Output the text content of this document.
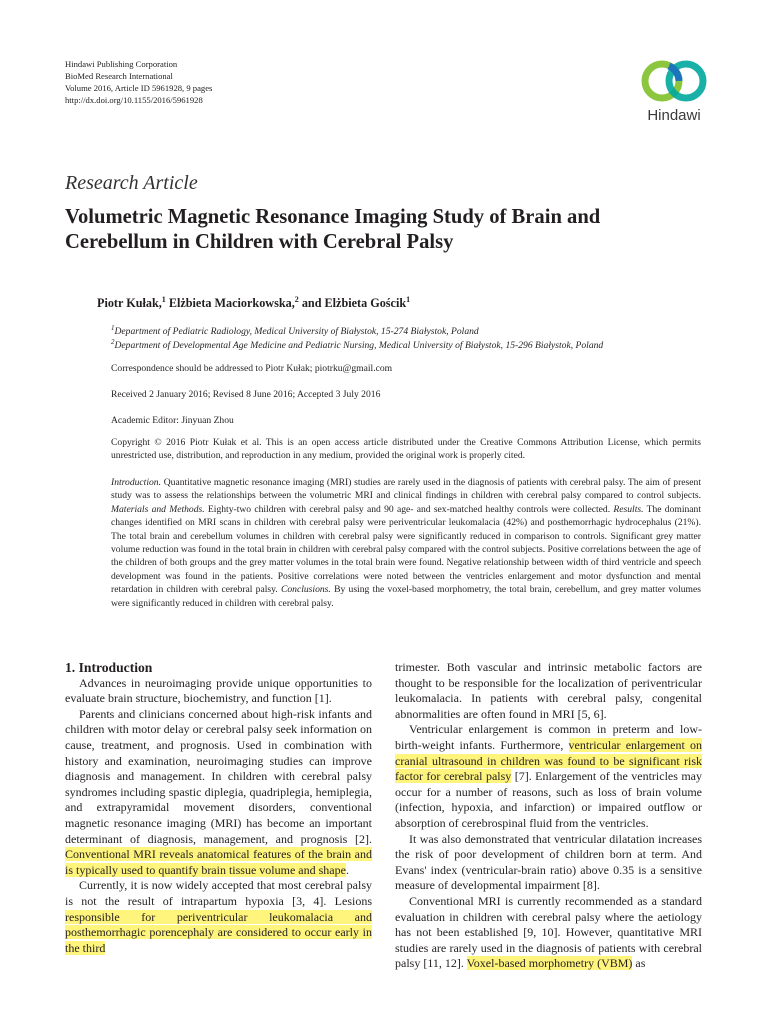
Hindawi Publishing Corporation
BioMed Research International
Volume 2016, Article ID 5961928, 9 pages
http://dx.doi.org/10.1155/2016/5961928
Hindawi
Research Article
Volumetric Magnetic Resonance Imaging Study of Brain and Cerebellum in Children with Cerebral Palsy
Piotr Kułak,$^1$ Elżbieta Maciorkowska,$^2$ and Elżbieta Gościk$^1$
$^1$Department of Pediatric Radiology, Medical University of Białystok, 15-274 Białystok, Poland
$^2$Department of Developmental Age Medicine and Pediatric Nursing, Medical University of Białystok, 15-296 Białystok, Poland
Correspondence should be addressed to Piotr Kułak; piotrku@gmail.com
Received 2 January 2016; Revised 8 June 2016; Accepted 3 July 2016
Academic Editor: Jinyuan Zhou
Copyright © 2016 Piotr Kułak et al. This is an open access article distributed under the Creative Commons Attribution License, which permits unrestricted use, distribution, and reproduction in any medium, provided the original work is properly cited.
Introduction. Quantitative magnetic resonance imaging (MRI) studies are rarely used in the diagnosis of patients with cerebral palsy. The aim of present study was to assess the relationships between the volumetric MRI and clinical findings in children with cerebral palsy compared to control subjects. Materials and Methods. Eighty-two children with cerebral palsy and 90 age- and sex-matched healthy controls were collected. Results. The dominant changes identified on MRI scans in children with cerebral palsy were periventricular leukomalacia (42%) and posthemorrhagic hydrocephalus (21%). The total brain and cerebellum volumes in children with cerebral palsy were significantly reduced in comparison to controls. Significant grey matter volume reduction was found in the total brain in children with cerebral palsy compared with the control subjects. Positive correlations between the age of the children of both groups and the grey matter volumes in the total brain were found. Negative relationship between width of third ventricle and speech development was found in the patients. Positive correlations were noted between the ventricles enlargement and motor dysfunction and mental retardation in children with cerebral palsy. Conclusions. By using the voxel-based morphometry, the total brain, cerebellum, and grey matter volumes were significantly reduced in children with cerebral palsy.

1. Introduction

Advances in neuroimaging provide unique opportunities to evaluate brain structure, biochemistry, and function [1].

Parents and clinicians concerned about high-risk infants and children with motor delay or cerebral palsy seek information on cause, treatment, and prognosis. Used in combination with history and examination, neuroimaging studies can improve diagnosis and management. In children with cerebral palsy syndromes including spastic diplegia, quadriplegia, hemiplegia, and extrapyramidal movement disorders, conventional magnetic resonance imaging (MRI) has become an important determinant of diagnosis, management, and prognosis [2]. Conventional MRI reveals anatomical features of the brain and is typically used to quantify brain tissue volume and shape.

Currently, it is now widely accepted that most cerebral palsy is not the result of intrapartum hypoxia [3, 4]. Lesions responsible for periventricular leukomalacia and posthemorrhagic porencephaly are considered to occur early in the third

trimester. Both vascular and intrinsic metabolic factors are thought to be responsible for the localization of periventricular leukomalacia. In patients with cerebral palsy, congenital abnormalities are often found in MRI [5, 6].

Ventricular enlargement is common in preterm and low-birth-weight infants. Furthermore, ventricular enlargement on cranial ultrasound in children was found to be significant risk factor for cerebral palsy [7]. Enlargement of the ventricles may occur for a number of reasons, such as loss of brain volume (infection, hypoxia, and infarction) or impaired outflow or absorption of cerebrospinal fluid from the ventricles.

It was also demonstrated that ventricular dilatation increases the risk of poor development of children born at term. And Evans' index (ventricular-brain ratio) above 0.35 is a sensitive measure of developmental impairment [8].

Conventional MRI is currently recommended as a standard evaluation in children with cerebral palsy where the aetiology has not been established [9, 10]. However, quantitative MRI studies are rarely used in the diagnosis of patients with cerebral palsy [11, 12]. Voxel-based morphometry (VBM) as
